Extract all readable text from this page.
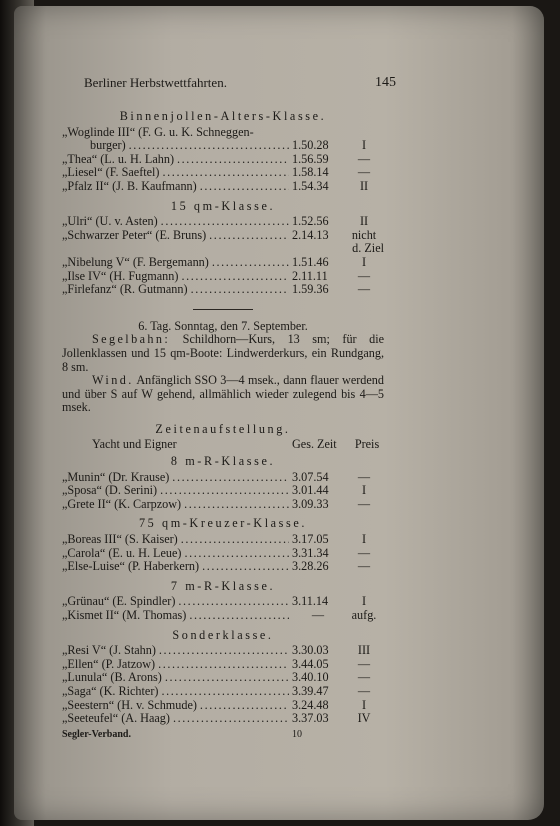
Berliner Herbstwettfahrten.	145
Binnenjollen-Alters-Klasse.
„Woglinde III“ (F. G. u. K. Schneggen-
burger) .....	1.50.28	I
„Thea“ (L. u. H. Lahn) .....	1.56.59	—
„Liesel“ (F. Saeftel) .....	1.58.14	—
„Pfalz II“ (J. B. Kaufmann) .....	1.54.34	II
15 qm-Klasse.
„Ulri“ (U. v. Asten) .....	1.52.56	II
„Schwarzer Peter“ (E. Bruns) .....	2.14.13	nicht
d. Ziel
„Nibelung V“ (F. Bergemann) .....	1.51.46	I
„Ilse IV“ (H. Fugmann) .....	2.11.11	—
„Firlefanz“ (R. Gutmann) .....	1.59.36	—
6. Tag. Sonntag, den 7. September.

Segelbahn: Schildhorn—Kurs, 13 sm; für die Jollenklassen und 15 qm-Boote: Lindwerderkurs, ein Rundgang, 8 sm.

Wind. Anfänglich SSO 3—4 msek., dann flauer werdend und über S auf W gehend, allmählich wieder zulegend bis 4—5 msek.

Zeitenaufstellung.
Yacht und Eigner	Ges. Zeit	Preis
8 m-R-Klasse.
„Munin“ (Dr. Krause) .....	3.07.54	—
„Sposa“ (D. Serini) .....	3.01.44	I
„Grete II“ (K. Carpzow) .....	3.09.33	—
75 qm-Kreuzer-Klasse.
„Boreas III“ (S. Kaiser) .....	3.17.05	I
„Carola“ (E. u. H. Leue) .....	3.31.34	—
„Else-Luise“ (P. Haberkern) .....	3.28.26	—
7 m-R-Klasse.
„Grünau“ (E. Spindler) .....	3.11.14	I
„Kismet II“ (M. Thomas) .....	—	aufg.
Sonderklasse.
„Resi V“ (J. Stahn) .....	3.30.03	III
„Ellen“ (P. Jatzow) .....	3.44.05	—
„Lunula“ (B. Arons) .....	3.40.10	—
„Saga“ (K. Richter) .....	3.39.47	—
„Seestern“ (H. v. Schmude) .....	3.24.48	I
„Seeteufel“ (A. Haag) .....	3.37.03	IV
Segler-Verband.	10
